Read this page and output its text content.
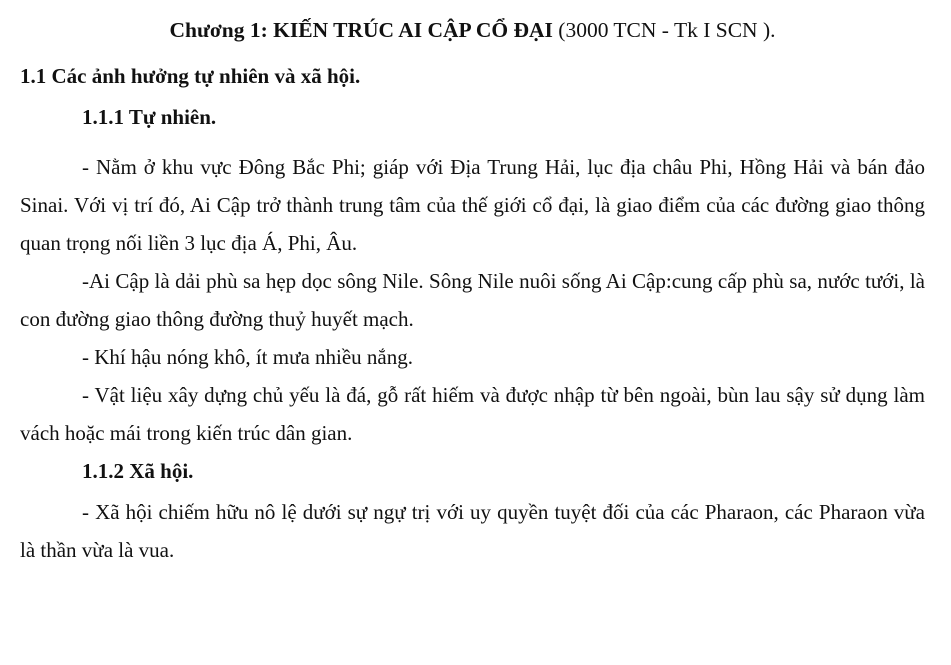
Chương 1: KIẾN TRÚC AI CẬP CỔ ĐẠI (3000 TCN - Tk I SCN ).

1.1 Các ảnh hưởng tự nhiên và xã hội.

1.1.1 Tự nhiên.

- Nằm ở khu vực Đông Bắc Phi; giáp với Địa Trung Hải, lục địa châu Phi, Hồng Hải và bán đảo Sinai. Với vị trí đó, Ai Cập trở thành trung tâm của thế giới cổ đại, là giao điểm của các đường giao thông quan trọng nối liền 3 lục địa Á, Phi, Âu.

-Ai Cập là dải phù sa hẹp dọc sông Nile. Sông Nile nuôi sống Ai Cập:cung cấp phù sa, nước tưới, là con đường giao thông đường thuỷ huyết mạch.

- Khí hậu nóng khô, ít mưa nhiều nắng.

- Vật liệu xây dựng chủ yếu là đá, gỗ rất hiếm và được nhập từ bên ngoài, bùn lau sậy sử dụng làm vách hoặc mái trong kiến trúc dân gian.

1.1.2 Xã hội.

- Xã hội chiếm hữu nô lệ dưới sự ngự trị với uy quyền tuyệt đối của các Pharaon, các Pharaon vừa là thần vừa là vua.
